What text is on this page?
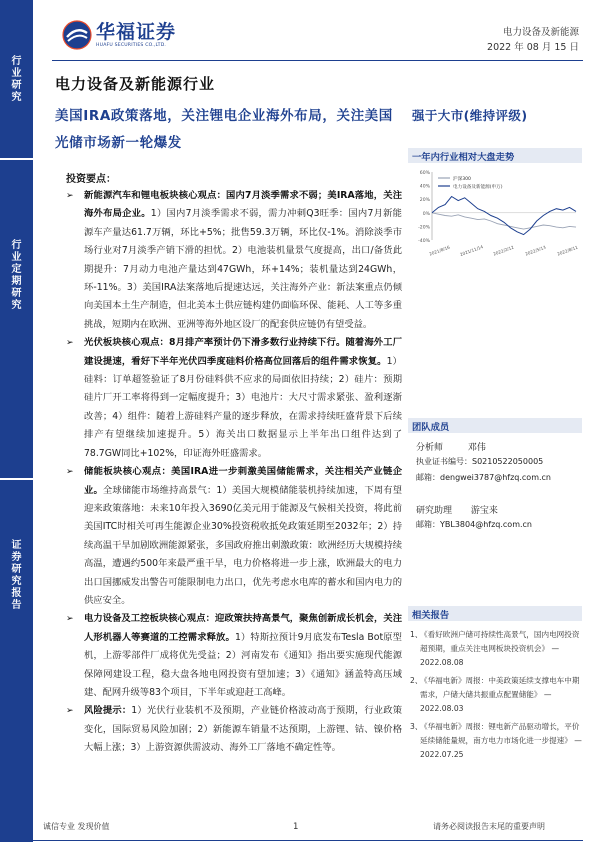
行
业
研
究
行
业
定
期
研
究
证
券
研
究
报
告
华福证券
HUAFU SECURITIES CO.,LTD.
电力设备及新能源
2022 年 08 月 15 日
电力设备及新能源行业
美国IRA政策落地，关注锂电企业海外布局，关注美国光储市场新一轮爆发
强于大市(维持评级)
投资要点：
➢ 新能源汽车和锂电板块核心观点：国内7月淡季需求不弱；美IRA落地，关注海外布局企业。1）国内7月淡季需求不弱，需力冲刺Q3旺季：国内7月新能源车产量达61.7万辆，环比+5%；批售59.3万辆，环比仅-1%。消除淡季市场行业对7月淡季产销下滑的担忧。2）电池装机量景气度提高，出口/备货此期提升：7月动力电池产量达到47GWh，环+14%；装机量达到24GWh，环-11%。3）美国IRA法案落地后提速达远，关注海外产业：新法案重点仍倾向美国本土生产制造，但北美本土供应链构建仍面临环保、能耗、人工等多重挑战，短期内在欧洲、亚洲等海外地区设厂的配套供应链仍有望受益。
➢ 光伏板块核心观点：8月排产率预计仍下滑多数行业持续下行。随着海外工厂建设提速，看好下半年光伏四季度硅料价格高位回落后的组件需求恢复。1）硅料：订单超签验证了8月份硅料供不应求的局面依旧持续；2）硅片：预期硅片厂开工率将得到一定幅度提升；3）电池片：大尺寸需求紧张、盈利逐渐改善；4）组件：随着上游硅料产量的逐步释放，在需求持续旺盛背景下后续排产有望继续加速提升。5）海关出口数据显示上半年出口组件达到了78.7GW同比+102%，印证海外旺盛需求。
➢ 储能板块核心观点：美国IRA进一步刺激美国储能需求，关注相关产业链企业。全球储能市场维持高景气：1）美国大规模储能装机持续加速，下周有望迎来政策落地：未来10年投入3690亿美元用于能源及气候相关投资，将此前美国ITC时相关可再生能源企业30%投资税收抵免政策延期至2032年；2）持续高温干旱加剧欧洲能源紧张，多国政府推出刺激政策：欧洲经历大规模持续高温，遭遇约500年来最严重干旱，电力价格将进一步上涨，欧洲最大的电力出口国挪威发出警告可能限制电力出口，优先考虑水电库的蓄水和国内电力的供应安全。
➢ 电力设备及工控板块核心观点：迎政策扶持高景气，聚焦创新成长机会，关注人形机器人等赛道的工控需求释放。1）特斯拉预计9月底发布Tesla Bot原型机，上游零部件厂成将优先受益；2）河南发布《通知》指出要实施现代能源保障网建设工程，稳大盘各地电网投资有望加速；3）《通知》涵盖特高压域建、配网升级等83个项目，下半年或迎赶工高峰。
➢ 风险提示：1）光伏行业装机不及预期，产业链价格波动高于预期，行业政策变化，国际贸易风险加剧；2）新能源车销量不达预期，上游锂、钴、镍价格大幅上涨；3）上游资源供需波动、海外工厂落地不确定性等。
一年内行业相对大盘走势
60%
40%
20%
0%
-20%
-40%
2021/8/16 2021/11/14 2022/2/12 2022/5/13 2022/8/11
沪深300
电力设备及新能源(申万)
团队成员
分析师	邓伟
执业证书编号：S0210522050005
邮箱：dengwei3787@hfzq.com.cn
研究助理 游宝来
邮箱：YBL3804@hfzq.com.cn
相关报告
1、
《看好欧洲户储可持续性高景气，国内电网投资超预期，重点关注电网板块投资机会》 —
2022.08.08
2、
《华福电新》周报：中美政策延续支撑电车中期需求，户储大储共振重点配置储能》 —
2022.08.03
3、
《华福电新》周报：锂电新产品驱动增长，平价延续储能量规，南方电力市场化进一步提速》 —
2022.07.25
诚信专业 发现价值	1	请务必阅读报告末尾的重要声明
